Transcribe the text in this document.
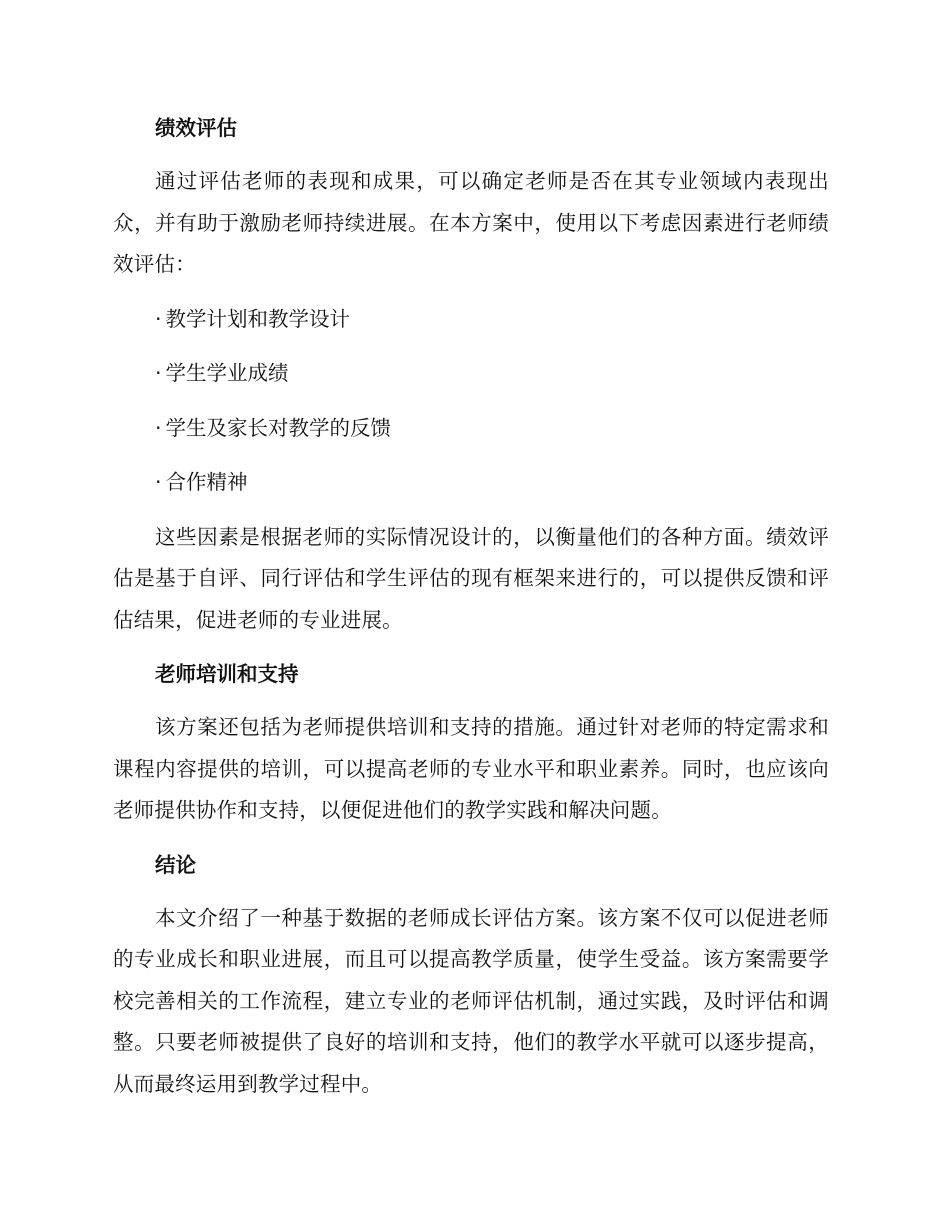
绩效评估

通过评估老师的表现和成果，可以确定老师是否在其专业领域内表现出众，并有助于激励老师持续进展。在本方案中，使用以下考虑因素进行老师绩效评估：

· 教学计划和教学设计
· 学生学业成绩
· 学生及家长对教学的反馈
· 合作精神

这些因素是根据老师的实际情况设计的，以衡量他们的各种方面。绩效评估是基于自评、同行评估和学生评估的现有框架来进行的，可以提供反馈和评估结果，促进老师的专业进展。

老师培训和支持

该方案还包括为老师提供培训和支持的措施。通过针对老师的特定需求和课程内容提供的培训，可以提高老师的专业水平和职业素养。同时，也应该向老师提供协作和支持，以便促进他们的教学实践和解决问题。

结论

本文介绍了一种基于数据的老师成长评估方案。该方案不仅可以促进老师的专业成长和职业进展，而且可以提高教学质量，使学生受益。该方案需要学校完善相关的工作流程，建立专业的老师评估机制，通过实践，及时评估和调整。只要老师被提供了良好的培训和支持，他们的教学水平就可以逐步提高，从而最终运用到教学过程中。
